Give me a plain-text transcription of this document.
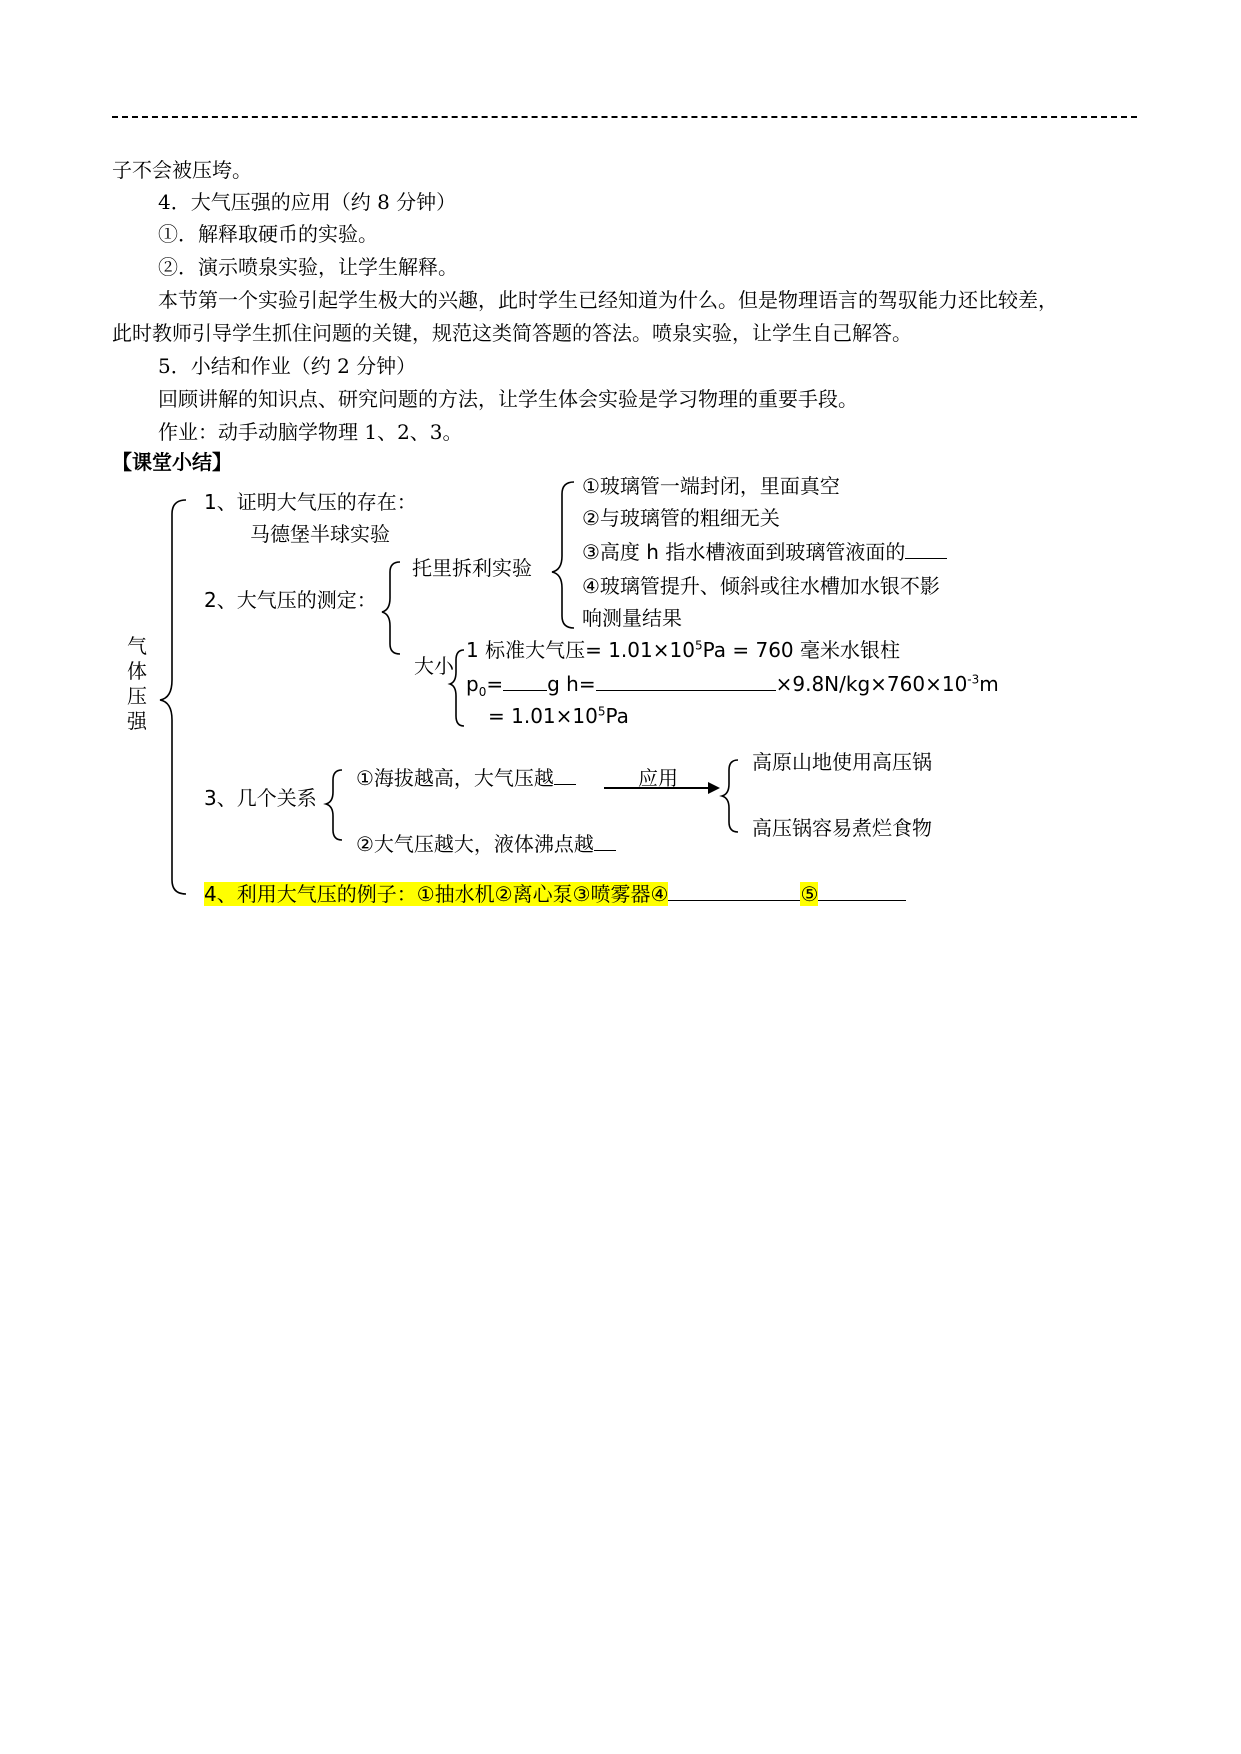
子不会被压垮。
4．大气压强的应用（约 8 分钟）
①．解释取硬币的实验。
②．演示喷泉实验，让学生解释。
本节第一个实验引起学生极大的兴趣，此时学生已经知道为什么。但是物理语言的驾驭能力还比较差，
此时教师引导学生抓住问题的关键，规范这类简答题的答法。喷泉实验，让学生自己解答。
5．小结和作业（约 2 分钟）
回顾讲解的知识点、研究问题的方法，让学生体会实验是学习物理的重要手段。
作业：动手动脑学物理 1、2、3。
【课堂小结】
气体压强
1、证明大气压的存在：
马德堡半球实验
2、大气压的测定：
托里拆利实验
①玻璃管一端封闭，里面真空
②与玻璃管的粗细无关
③高度 h 指水槽液面到玻璃管液面的
④玻璃管提升、倾斜或往水槽加水银不影
响测量结果
大小
1 标准大气压= $1.01\times 10^5Pa = 760$ 毫米水银柱
$p_0= g$ h=	$\times 9.8N/kg\times 760\times 10^{-3}m$
= $1.01\times 10^5Pa$
3、几个关系
①海拔越高，大气压越	应用
②大气压越大，液体沸点越
高原山地使用高压锅
高压锅容易煮烂食物
4、利用大气压的例子：①抽水机②离心泵③喷雾器④	⑤
